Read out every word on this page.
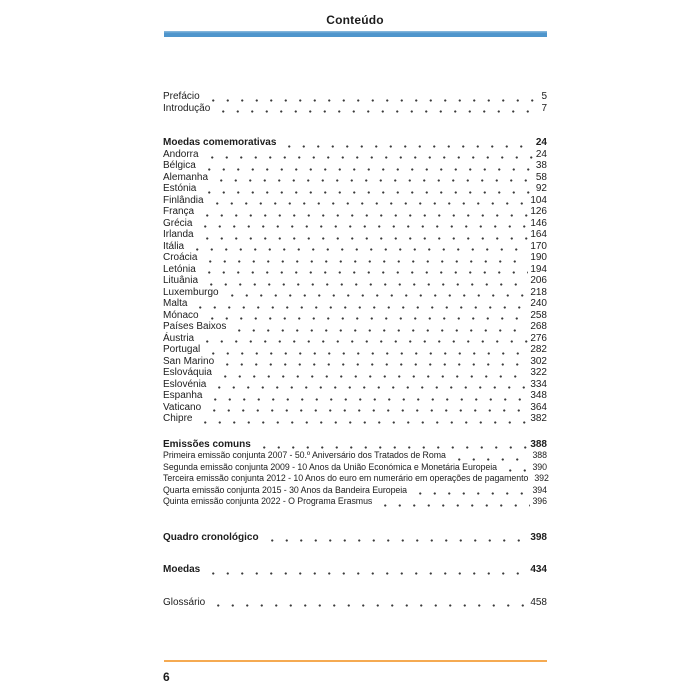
Conteúdo
Prefácio	5
Introdução	7
Moedas comemorativas	24
Andorra	24
Bélgica	38
Alemanha	58
Estónia	92
Finlândia	104
França	126
Grécia	146
Irlanda	164
Itália	170
Croácia	190
Letónia	194
Lituânia	206
Luxemburgo	218
Malta	240
Mónaco	258
Países Baixos	268
Áustria	276
Portugal	282
San Marino	302
Eslováquia	322
Eslovénia	334
Espanha	348
Vaticano	364
Chipre	382
Emissões comuns	388
Primeira emissão conjunta 2007 - 50.º Aniversário dos Tratados de Roma	388
Segunda emissão conjunta 2009 - 10 Anos da União Económica e Monetária Europeia	390
Terceira emissão conjunta 2012 - 10 Anos do euro em numerário em operações de pagamento 392
Quarta emissão conjunta 2015 - 30 Anos da Bandeira Europeia	394
Quinta emissão conjunta 2022 - O Programa Erasmus	396
Quadro cronológico	398
Moedas	434
Glossário	458
6
